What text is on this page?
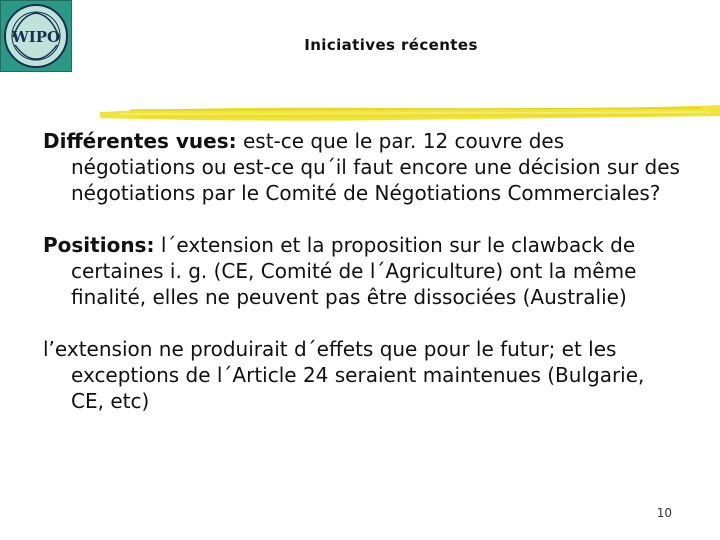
WIPO	Iniciatives récentes

Différentes vues: est-ce que le par. 12 couvre des négotiations ou est-ce qu´il faut encore une décision sur des négotiations par le Comité de Négotiations Commerciales?

Positions: l´extension et la proposition sur le clawback de certaines i. g. (CE, Comité de l´Agriculture) ont la même finalité, elles ne peuvent pas être dissociées (Australie)

l’extension ne produirait d´effets que pour le futur; et les exceptions de l´Article 24 seraient maintenues (Bulgarie, CE, etc)

10
